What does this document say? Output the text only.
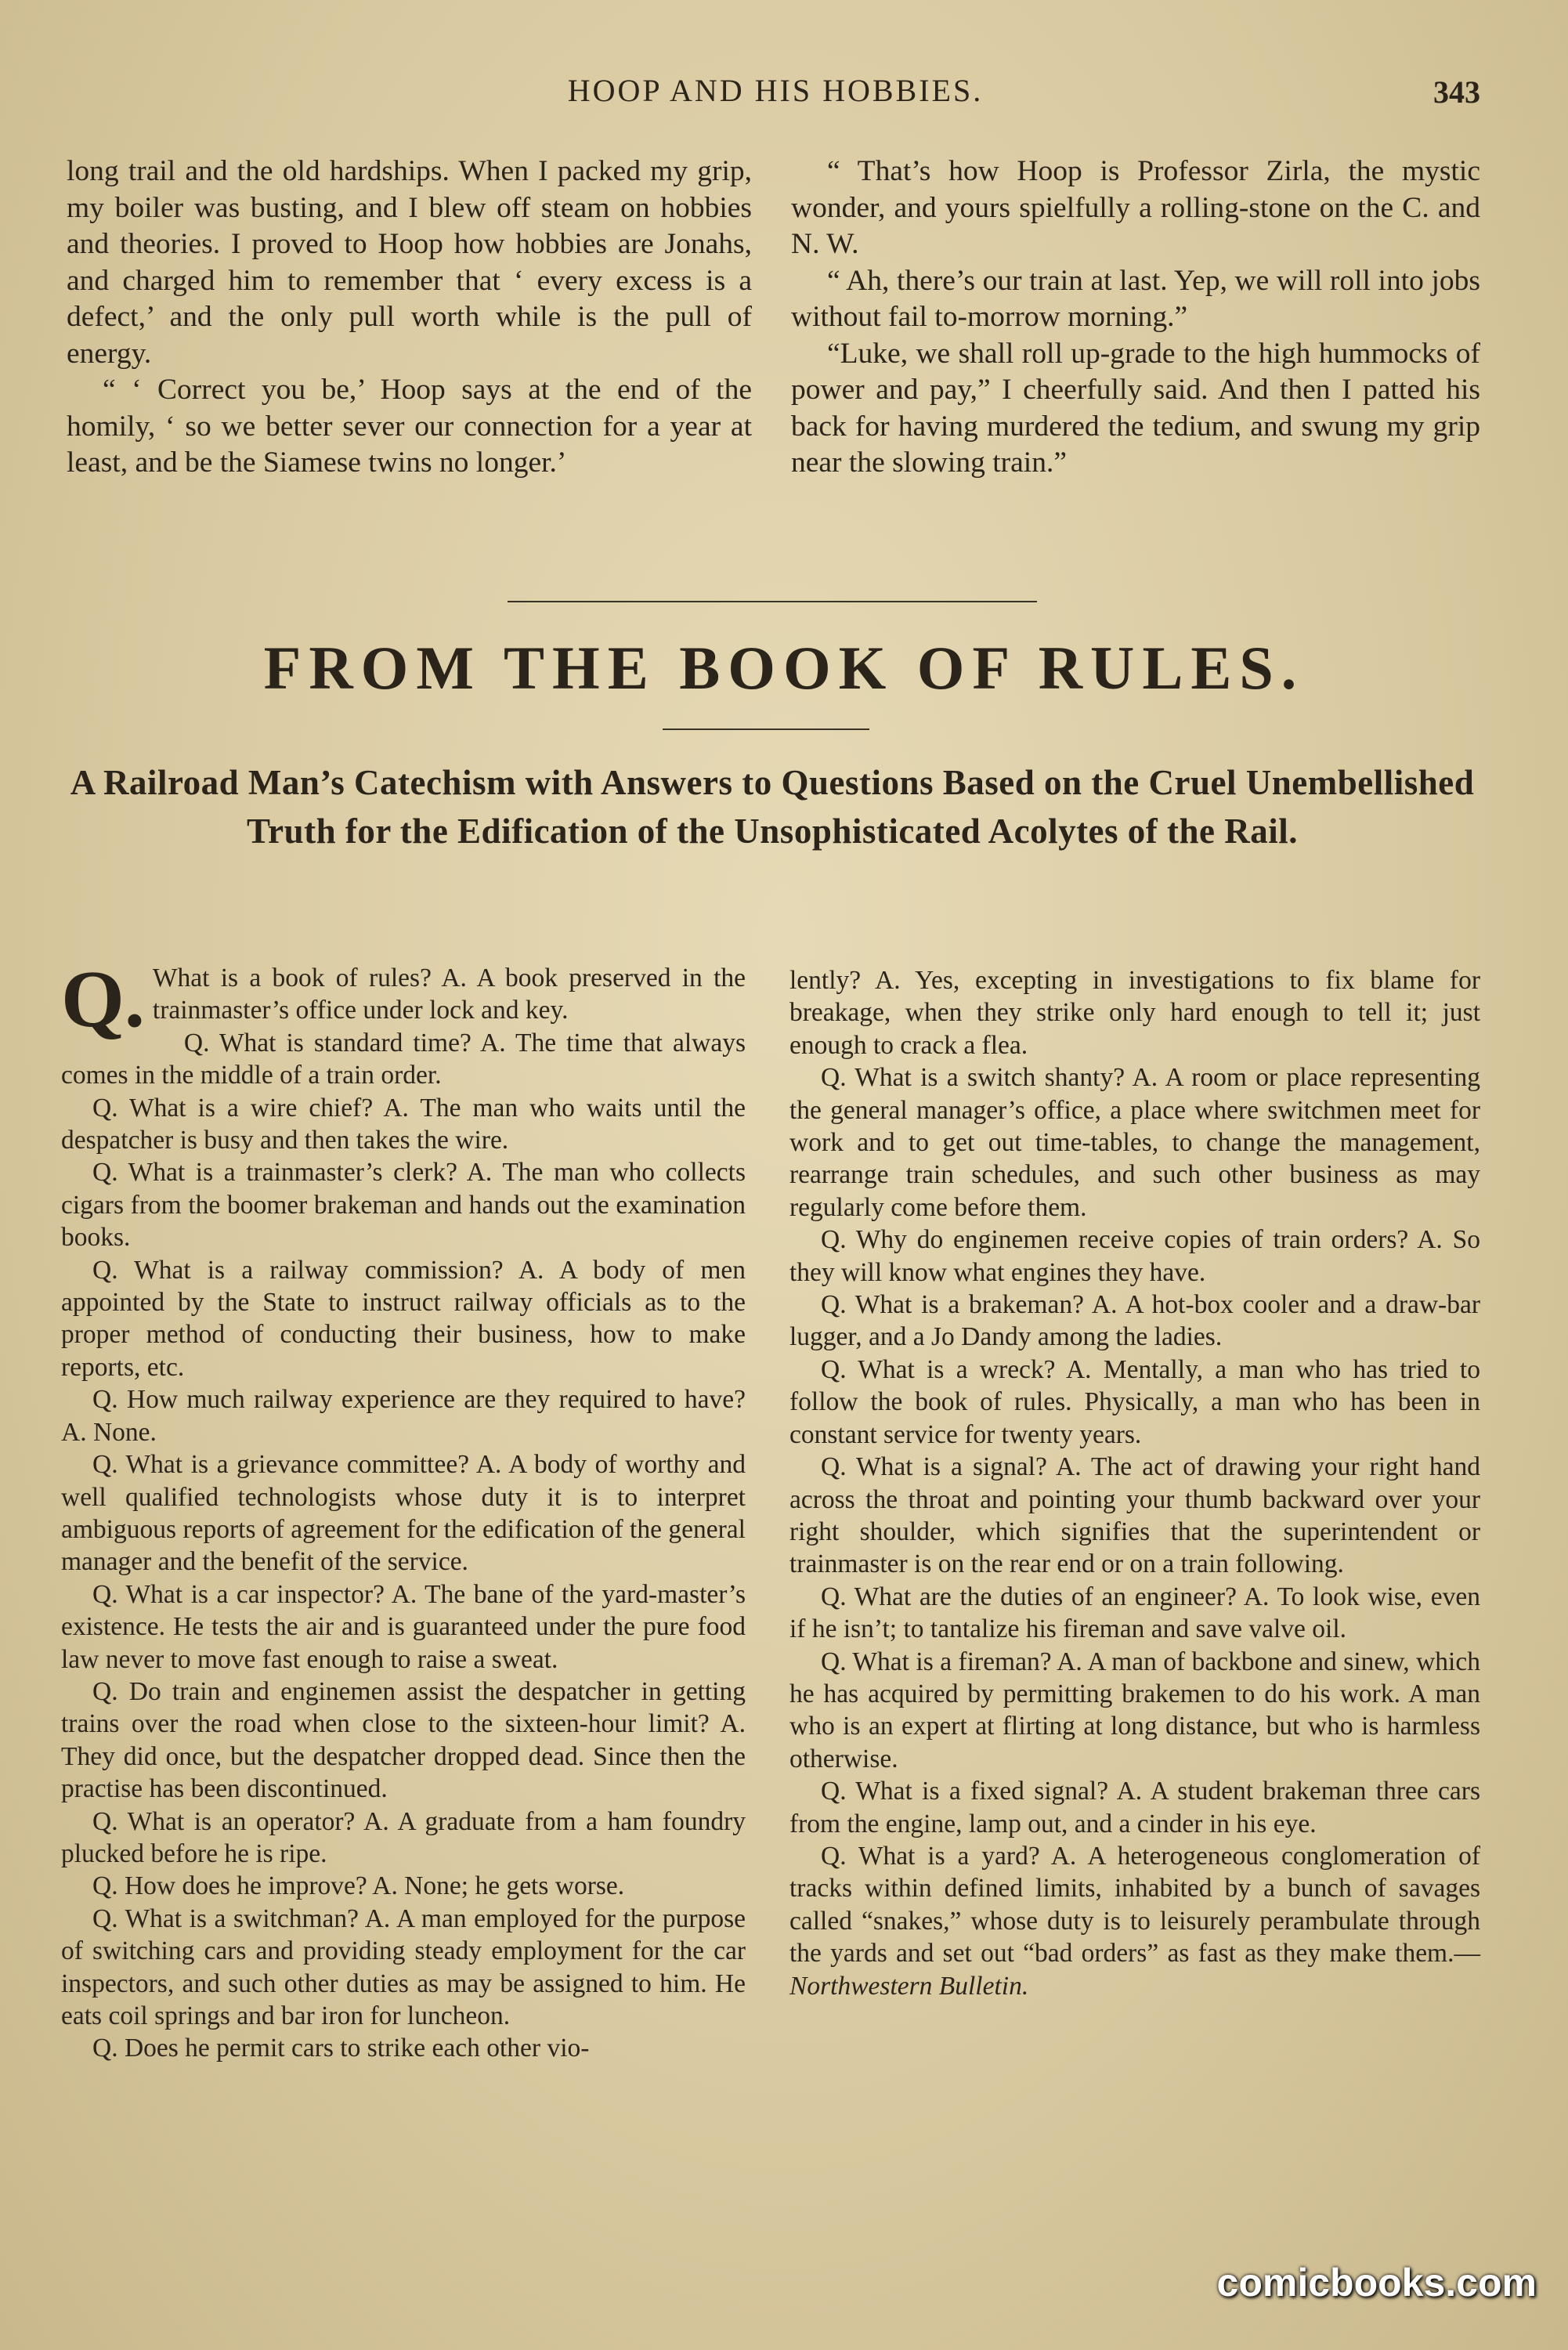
HOOP AND HIS HOBBIES.	343

long trail and the old hardships. When I packed my grip, my boiler was busting, and I blew off steam on hobbies and theories. I proved to Hoop how hobbies are Jonahs, and charged him to remember that ‘ every excess is a defect,’ and the only pull worth while is the pull of energy.

“ ‘ Correct you be,’ Hoop says at the end of the homily, ‘ so we better sever our connection for a year at least, and be the Siamese twins no longer.’

“ That’s how Hoop is Professor Zirla, the mystic wonder, and yours spielfully a rolling-stone on the C. and N. W.

“ Ah, there’s our train at last. Yep, we will roll into jobs without fail to-morrow morning.”

“Luke, we shall roll up-grade to the high hummocks of power and pay,” I cheerfully said. And then I patted his back for having murdered the tedium, and swung my grip near the slowing train.”

FROM THE BOOK OF RULES.
A Railroad Man’s Catechism with Answers to Questions Based on the Cruel Unembellished Truth for the Edification of the Unsophisticated Acolytes of the Rail.

Q. What is a book of rules? A. A book preserved in the trainmaster’s office under lock and key.

Q. What is standard time? A. The time that always comes in the middle of a train order.

Q. What is a wire chief? A. The man who waits until the despatcher is busy and then takes the wire.

Q. What is a trainmaster’s clerk? A. The man who collects cigars from the boomer brakeman and hands out the examination books.

Q. What is a railway commission? A. A body of men appointed by the State to instruct railway officials as to the proper method of conducting their business, how to make reports, etc.

Q. How much railway experience are they required to have? A. None.

Q. What is a grievance committee? A. A body of worthy and well qualified technologists whose duty it is to interpret ambiguous reports of agreement for the edification of the general manager and the benefit of the service.

Q. What is a car inspector? A. The bane of the yard-master’s existence. He tests the air and is guaranteed under the pure food law never to move fast enough to raise a sweat.

Q. Do train and enginemen assist the despatcher in getting trains over the road when close to the sixteen-hour limit? A. They did once, but the despatcher dropped dead. Since then the practise has been discontinued.

Q. What is an operator? A. A graduate from a ham foundry plucked before he is ripe.

Q. How does he improve? A. None; he gets worse.

Q. What is a switchman? A. A man employed for the purpose of switching cars and providing steady employment for the car inspectors, and such other duties as may be assigned to him. He eats coil springs and bar iron for luncheon.

Q. Does he permit cars to strike each other vio-

lently? A. Yes, excepting in investigations to fix blame for breakage, when they strike only hard enough to tell it; just enough to crack a flea.

Q. What is a switch shanty? A. A room or place representing the general manager’s office, a place where switchmen meet for work and to get out time-tables, to change the management, rearrange train schedules, and such other business as may regularly come before them.

Q. Why do enginemen receive copies of train orders? A. So they will know what engines they have.

Q. What is a brakeman? A. A hot-box cooler and a draw-bar lugger, and a Jo Dandy among the ladies.

Q. What is a wreck? A. Mentally, a man who has tried to follow the book of rules. Physically, a man who has been in constant service for twenty years.

Q. What is a signal? A. The act of drawing your right hand across the throat and pointing your thumb backward over your right shoulder, which signifies that the superintendent or trainmaster is on the rear end or on a train following.

Q. What are the duties of an engineer? A. To look wise, even if he isn’t; to tantalize his fireman and save valve oil.

Q. What is a fireman? A. A man of backbone and sinew, which he has acquired by permitting brakemen to do his work. A man who is an expert at flirting at long distance, but who is harmless otherwise.

Q. What is a fixed signal? A. A student brakeman three cars from the engine, lamp out, and a cinder in his eye.

Q. What is a yard? A. A heterogeneous conglomeration of tracks within defined limits, inhabited by a bunch of savages called “snakes,” whose duty is to leisurely perambulate through the yards and set out “bad orders” as fast as they make them.—Northwestern Bulletin.

comicbooks.com
